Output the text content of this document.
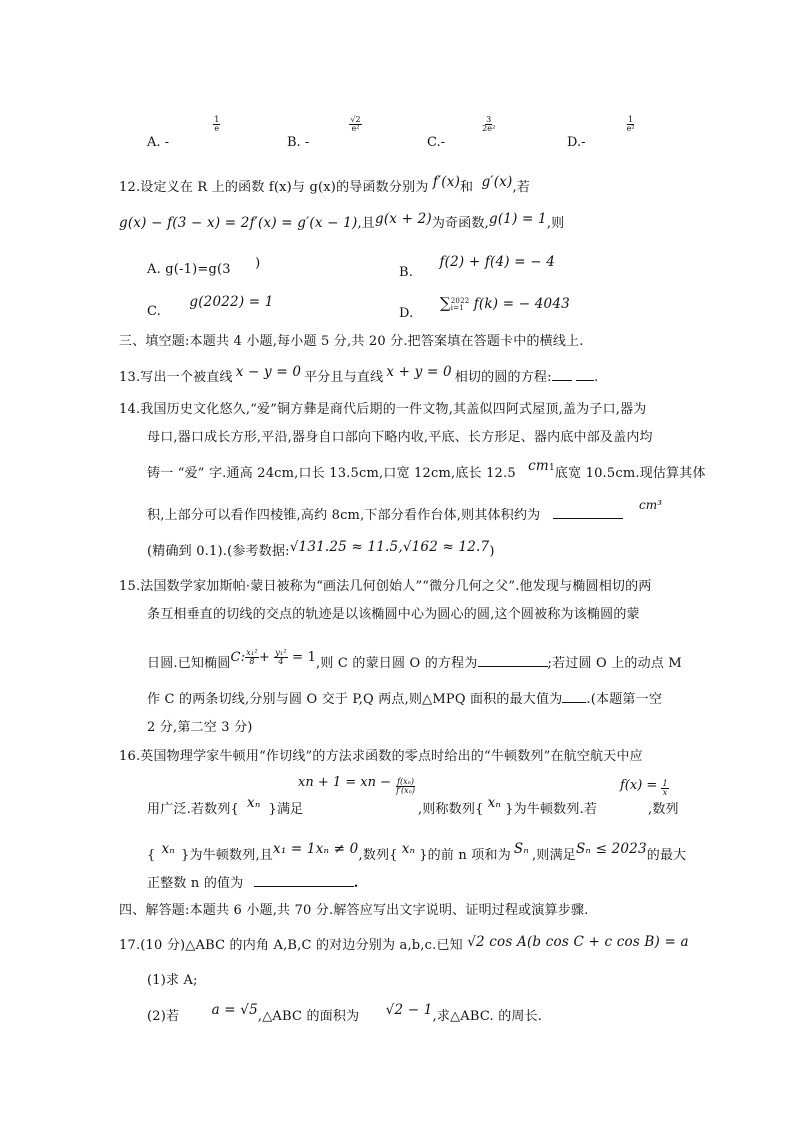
A. -
$\frac{1}{e}$
B. -
$\frac{√2}{\text{e²}}$
C.-
$\frac{3}{\text{2e²}}$
D.-
$\frac{1}{\text{e²}}$
12.设定义在 R 上的函数 f(x)与 g(x)的导函数分别为 f′(x)和 g′(x),若
g(x) − f(3 − x) = 2f′(x) = g′(x − 1),且g(x + 2)为奇函数,g(1) = 1,则
A. g(-1)=g(3 )
B. f(2) + f(4) = − 4
C. g(2022) = 1
D. ∑ 2022
i=1 f(k) = − 4043
三、填空题:本题共 4 小题,每小题 5 分,共 20 分.把答案填在答题卡中的横线上.
13.写出一个被直线 x − y = 0 平分且与直线 x + y = 0 相切的圆的方程:	.
14.我国历史文化悠久,“爱”铜方彝是商代后期的一件文物,其盖似四阿式屋顶,盖为子口,器为
母口,器口成长方形,平沿,器身自口部向下略内收,平底、长方形足、器内底中部及盖内均
铸一 “爱” 字.通高 24cm,口长 13.5cm,口宽 12cm,底长 12.5 cm1底宽 10.5cm.现估算其体
积,上部分可以看作四棱锥,高约 8cm,下部分看作台体,则其体积约为
cm³
(精确到 0.1).(参考数据:√131.25 ≈ 11.5,√162 ≈ 12.7)
15.法国数学家加斯帕·蒙日被称为“画法几何创始人”“微分几何之父”.他发现与椭圆相切的两
条互相垂直的切线的交点的轨迹是以该椭圆中心为圆心的圆,这个圆被称为该椭圆的蒙
日圆.已知椭圆C: $\frac{\text{x₁²}}{8} + \frac{\text{y₁²}}{4} = 1$,则 C 的蒙日圆 O 的方程为	;若过圆 O 上的动点 M
作 C 的两条切线,分别与圆 O 交于 P,Q 两点,则△MPQ 面积的最大值为 .(本题第一空
2 分,第二空 3 分)
16.英国物理学家牛顿用“作切线”的方法求函数的零点时给出的“牛顿数列”在航空航天中应
用广泛.若数列{ xₙ }满足
xn + 1 = xn − $\frac{\text{f(xₙ)}}{\text{f′(xₙ)}}$
,则称数列{ xₙ }为牛顿数列.若
$f(x) = \frac{1}{x}$
,数列
{ xₙ }为牛顿数列,且x₁ = 1xₙ ≠ 0,数列{ xₙ }的前 n 项和为 Sₙ ,则满足Sₙ ≤ 2023的最大
正整数 n 的值为	.
四、解答题:本题共 6 小题,共 70 分.解答应写出文字说明、证明过程或演算步骤.
17.(10 分)△ABC 的内角 A,B,C 的对边分别为 a,b,c.已知 √2 cos A(b cos C + c cos B) = a
(1)求 A;
(2)若 a = √5,△ABC 的面积为 √2 − 1,求△ABC. 的周长.
